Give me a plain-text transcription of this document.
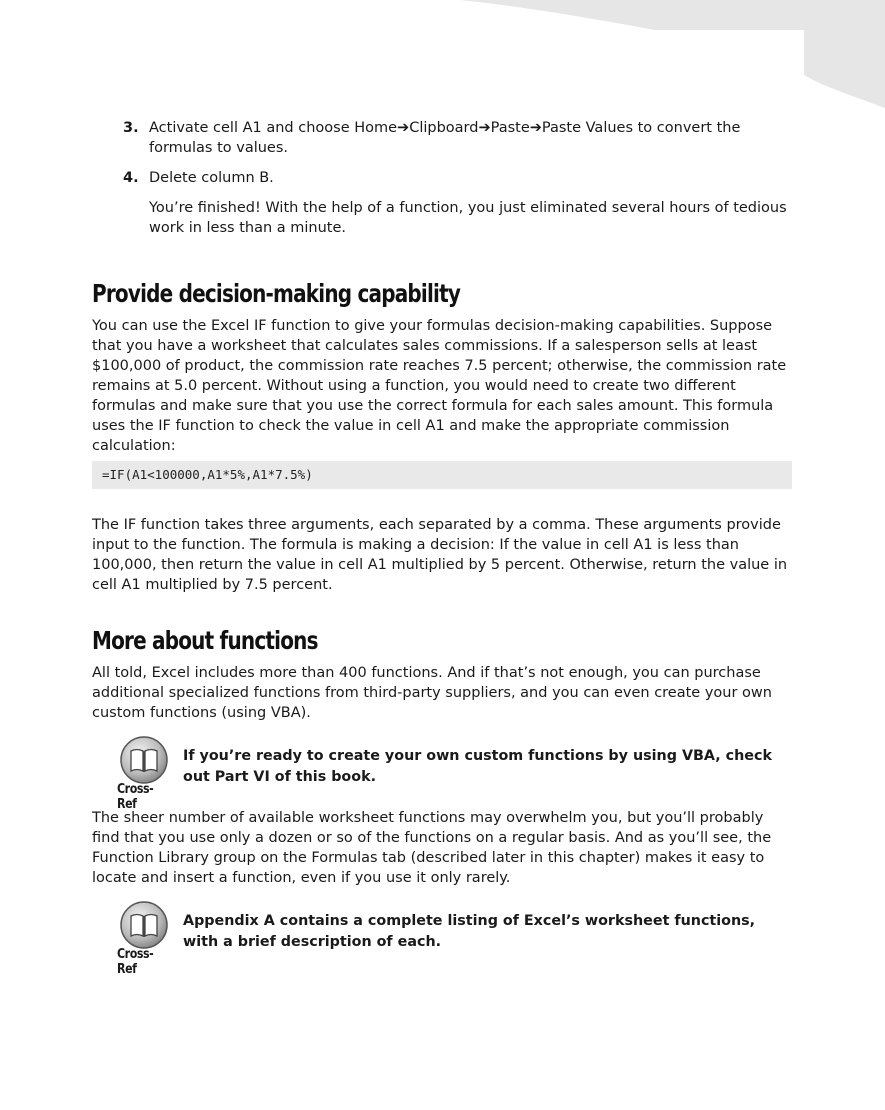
3. Activate cell A1 and choose Home➔Clipboard➔Paste➔Paste Values to convert the formulas to values.
4. Delete column B.
You’re finished! With the help of a function, you just eliminated several hours of tedious work in less than a minute.
Provide decision-making capability
You can use the Excel IF function to give your formulas decision-making capabilities. Suppose that you have a worksheet that calculates sales commissions. If a salesperson sells at least $100,000 of product, the commission rate reaches 7.5 percent; otherwise, the commission rate remains at 5.0 percent. Without using a function, you would need to create two different formulas and make sure that you use the correct formula for each sales amount. This formula uses the IF function to check the value in cell A1 and make the appropriate commission calculation:
=IF(A1<100000,A1*5%,A1*7.5%)
The IF function takes three arguments, each separated by a comma. These arguments provide input to the function. The formula is making a decision: If the value in cell A1 is less than 100,000, then return the value in cell A1 multiplied by 5 percent. Otherwise, return the value in cell A1 multiplied by 7.5 percent.
More about functions
All told, Excel includes more than 400 functions. And if that’s not enough, you can purchase additional specialized functions from third-party suppliers, and you can even create your own custom functions (using VBA).
Cross-Ref
If you’re ready to create your own custom functions by using VBA, check out Part VI of this book.
The sheer number of available worksheet functions may overwhelm you, but you’ll probably find that you use only a dozen or so of the functions on a regular basis. And as you’ll see, the Function Library group on the Formulas tab (described later in this chapter) makes it easy to locate and insert a function, even if you use it only rarely.
Cross-Ref
Appendix A contains a complete listing of Excel’s worksheet functions, with a brief description of each.
